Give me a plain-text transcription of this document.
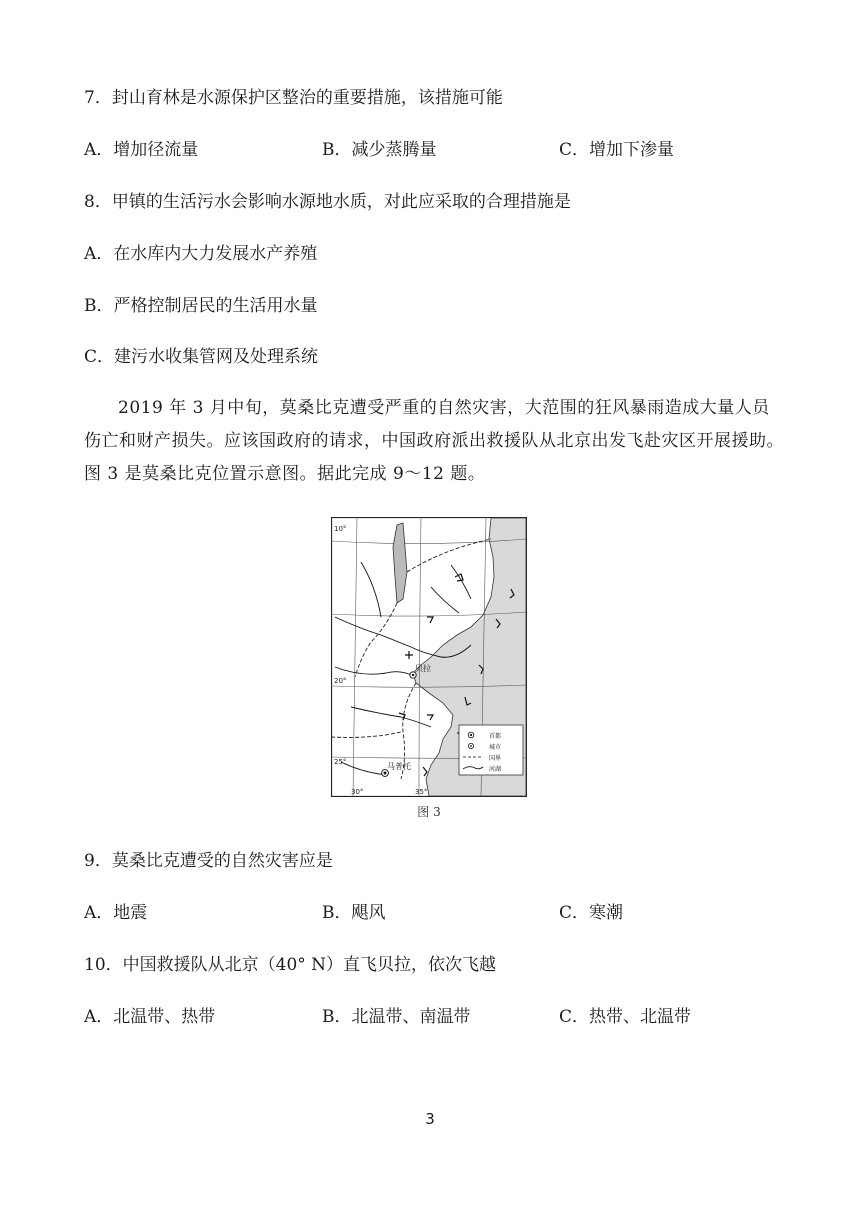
7．封山育林是水源保护区整治的重要措施，该措施可能
A．增加径流量	B．减少蒸腾量	C．增加下渗量
8．甲镇的生活污水会影响水源地水质，对此应采取的合理措施是
A．在水库内大力发展水产养殖
B．严格控制居民的生活用水量
C．建污水收集管网及处理系统
2019 年 3 月中旬，莫桑比克遭受严重的自然灾害，大范围的狂风暴雨造成大量人员伤亡和财产损失。应该国政府的请求，中国政府派出救援队从北京出发飞赴灾区开展援助。图 3 是莫桑比克位置示意图。据此完成 9～12 题。
10°
20°
25°
30°	35°
贝拉
马普托
首都
城市
国界
河湖
图 3
9．莫桑比克遭受的自然灾害应是
A．地震	B．飓风	C．寒潮
10．中国救援队从北京（40° N）直飞贝拉，依次飞越
A．北温带、热带	B．北温带、南温带	C．热带、北温带
3
